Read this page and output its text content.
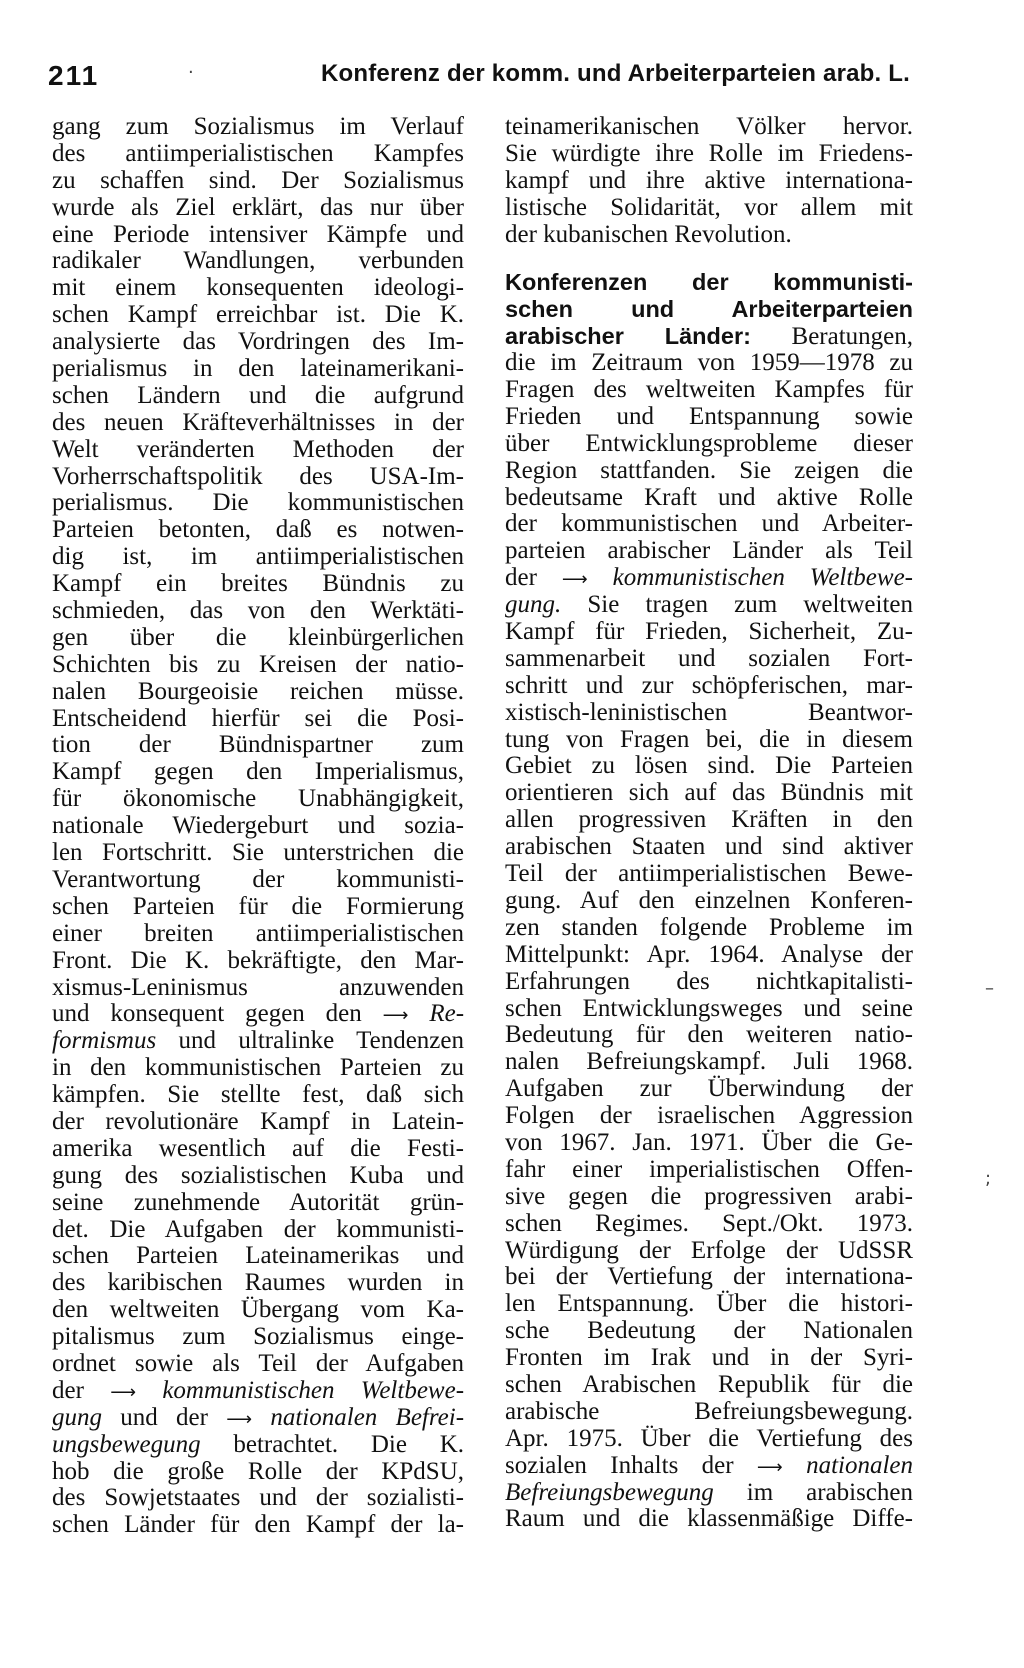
211	Konferenz der komm. und Arbeiterparteien arab. L.
·
–
;
gang zum Sozialismus im Verlauf
des antiimperialistischen Kampfes
zu schaffen sind. Der Sozialismus
wurde als Ziel erklärt, das nur über
eine Periode intensiver Kämpfe und
radikaler Wandlungen, verbunden
mit einem konsequenten ideologi-
schen Kampf erreichbar ist. Die K.
analysierte das Vordringen des Im-
perialismus in den lateinamerikani-
schen Ländern und die aufgrund
des neuen Kräfteverhältnisses in der
Welt veränderten Methoden der
Vorherrschaftspolitik des USA-Im-
perialismus. Die kommunistischen
Parteien betonten, daß es notwen-
dig ist, im antiimperialistischen
Kampf ein breites Bündnis zu
schmieden, das von den Werktäti-
gen über die kleinbürgerlichen
Schichten bis zu Kreisen der natio-
nalen Bourgeoisie reichen müsse.
Entscheidend hierfür sei die Posi-
tion der Bündnispartner zum
Kampf gegen den Imperialismus,
für ökonomische Unabhängigkeit,
nationale Wiedergeburt und sozia-
len Fortschritt. Sie unterstrichen die
Verantwortung der kommunisti-
schen Parteien für die Formierung
einer breiten antiimperialistischen
Front. Die K. bekräftigte, den Mar-
xismus-Leninismus anzuwenden
und konsequent gegen den ⟶ Re-
formismus und ultralinke Tendenzen
in den kommunistischen Parteien zu
kämpfen. Sie stellte fest, daß sich
der revolutionäre Kampf in Latein-
amerika wesentlich auf die Festi-
gung des sozialistischen Kuba und
seine zunehmende Autorität grün-
det. Die Aufgaben der kommunisti-
schen Parteien Lateinamerikas und
des karibischen Raumes wurden in
den weltweiten Übergang vom Ka-
pitalismus zum Sozialismus einge-
ordnet sowie als Teil der Aufgaben
der ⟶ kommunistischen Weltbewe-
gung und der ⟶ nationalen Befrei-
ungsbewegung betrachtet. Die K.
hob die große Rolle der KPdSU,
des Sowjetstaates und der sozialisti-
schen Länder für den Kampf der la-
teinamerikanischen Völker hervor.
Sie würdigte ihre Rolle im Friedens-
kampf und ihre aktive internationa-
listische Solidarität, vor allem mit
der kubanischen Revolution.
Konferenzen der kommunisti-
schen und Arbeiterparteien
arabischer Länder: Beratungen,
die im Zeitraum von 1959—1978 zu
Fragen des weltweiten Kampfes für
Frieden und Entspannung sowie
über Entwicklungsprobleme dieser
Region stattfanden. Sie zeigen die
bedeutsame Kraft und aktive Rolle
der kommunistischen und Arbeiter-
parteien arabischer Länder als Teil
der ⟶ kommunistischen Weltbewe-
gung. Sie tragen zum weltweiten
Kampf für Frieden, Sicherheit, Zu-
sammenarbeit und sozialen Fort-
schritt und zur schöpferischen, mar-
xistisch-leninistischen Beantwor-
tung von Fragen bei, die in diesem
Gebiet zu lösen sind. Die Parteien
orientieren sich auf das Bündnis mit
allen progressiven Kräften in den
arabischen Staaten und sind aktiver
Teil der antiimperialistischen Bewe-
gung. Auf den einzelnen Konferen-
zen standen folgende Probleme im
Mittelpunkt: Apr. 1964. Analyse der
Erfahrungen des nichtkapitalisti-
schen Entwicklungsweges und seine
Bedeutung für den weiteren natio-
nalen Befreiungskampf. Juli 1968.
Aufgaben zur Überwindung der
Folgen der israelischen Aggression
von 1967. Jan. 1971. Über die Ge-
fahr einer imperialistischen Offen-
sive gegen die progressiven arabi-
schen Regimes. Sept./Okt. 1973.
Würdigung der Erfolge der UdSSR
bei der Vertiefung der internationa-
len Entspannung. Über die histori-
sche Bedeutung der Nationalen
Fronten im Irak und in der Syri-
schen Arabischen Republik für die
arabische Befreiungsbewegung.
Apr. 1975. Über die Vertiefung des
sozialen Inhalts der ⟶ nationalen
Befreiungsbewegung im arabischen
Raum und die klassenmäßige Diffe-
